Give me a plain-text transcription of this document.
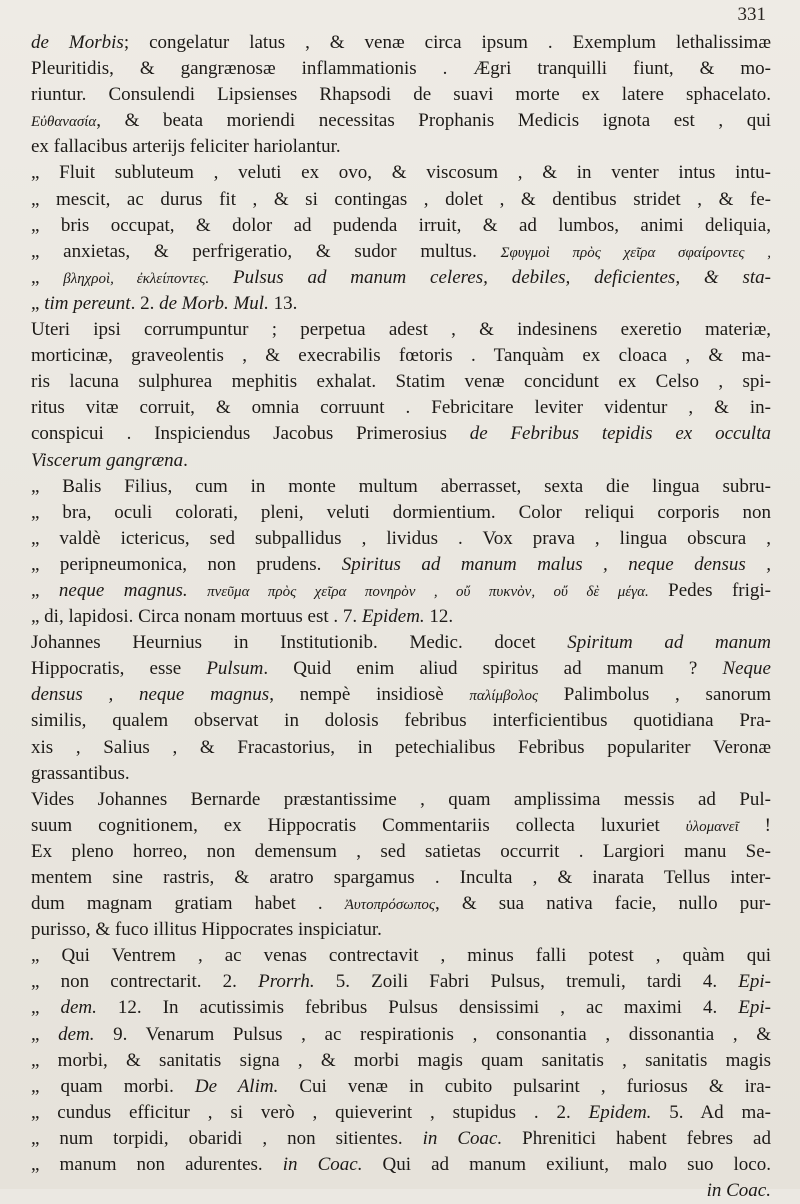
331
de Morbis; congelatur latus , & venæ circa ipsum . Exemplum lethalissimæ
Pleuritidis, & gangrænosæ inflammationis . Ægri tranquilli fiunt, & mo-
riuntur. Consulendi Lipsienses Rhapsodi de suavi morte ex latere sphacelato.
Εὐθανασία, & beata moriendi necessitas Prophanis Medicis ignota est , qui
ex fallacibus arterijs feliciter hariolantur.
„ Fluit subluteum , veluti ex ovo, & viscosum , & in venter intus intu-
„ mescit, ac durus fit , & si contingas , dolet , & dentibus stridet , & fe-
„ bris occupat, & dolor ad pudenda irruit, & ad lumbos, animi deliquia,
„ anxietas, & perfrigeratio, & sudor multus. Σφυγμοὶ πρὸς χεῖρα σφαίροντες ,
„ βληχροὶ, ἐκλείποντες. Pulsus ad manum celeres, debiles, deficientes, & sta-
„ tim pereunt. 2. de Morb. Mul. 13.
Uteri ipsi corrumpuntur ; perpetua adest , & indesinens exeretio materiæ,
morticinæ, graveolentis , & execrabilis fœtoris . Tanquàm ex cloaca , & ma-
ris lacuna sulphurea mephitis exhalat. Statim venæ concidunt ex Celso , spi-
ritus vitæ corruit, & omnia corruunt . Febricitare leviter videntur , & in-
conspicui . Inspiciendus Jacobus Primerosius de Febribus tepidis ex occulta
Viscerum gangræna.
„ Balis Filius, cum in monte multum aberrasset, sexta die lingua subru-
„ bra, oculi colorati, pleni, veluti dormientium. Color reliqui corporis non
„ valdè ictericus, sed subpallidus , lividus . Vox prava , lingua obscura ,
„ peripneumonica, non prudens. Spiritus ad manum malus , neque densus ,
„ neque magnus. πνεῦμα πρὸς χεῖρα πονηρὸν , οὔ πυκνὸν, οὔ δὲ μέγα. Pedes frigi-
„ di, lapidosi. Circa nonam mortuus est . 7. Epidem. 12.
Johannes Heurnius in Institutionib. Medic. docet Spiritum ad manum
Hippocratis, esse Pulsum. Quid enim aliud spiritus ad manum ? Neque
densus , neque magnus, nempè insidiosè παλίμβολος Palimbolus , sanorum
similis, qualem observat in dolosis febribus interficientibus quotidiana Pra-
xis , Salius , & Fracastorius, in petechialibus Febribus populariter Veronæ
grassantibus.
Vides Johannes Bernarde præstantissime , quam amplissima messis ad Pul-
suum cognitionem, ex Hippocratis Commentariis collecta luxuriet ὑλομανεῖ !
Ex pleno horreo, non demensum , sed satietas occurrit . Largiori manu Se-
mentem sine rastris, & aratro spargamus . Inculta , & inarata Tellus inter-
dum magnam gratiam habet . Ἀυτοπρόσωπος, & sua nativa facie, nullo pur-
purisso, & fuco illitus Hippocrates inspiciatur.
„ Qui Ventrem , ac venas contrectavit , minus falli potest , quàm qui
„ non contrectarit. 2. Prorrh. 5. Zoili Fabri Pulsus, tremuli, tardi 4. Epi-
„ dem. 12. In acutissimis febribus Pulsus densissimi , ac maximi 4. Epi-
„ dem. 9. Venarum Pulsus , ac respirationis , consonantia , dissonantia , &
„ morbi, & sanitatis signa , & morbi magis quam sanitatis , sanitatis magis
„ quam morbi. De Alim. Cui venæ in cubito pulsarint , furiosus & ira-
„ cundus efficitur , si verò , quieverint , stupidus . 2. Epidem. 5. Ad ma-
„ num torpidi, obaridi , non sitientes. in Coac. Phrenitici habent febres ad
„ manum non adurentes. in Coac. Qui ad manum exiliunt, malo suo loco.
in Coac.
